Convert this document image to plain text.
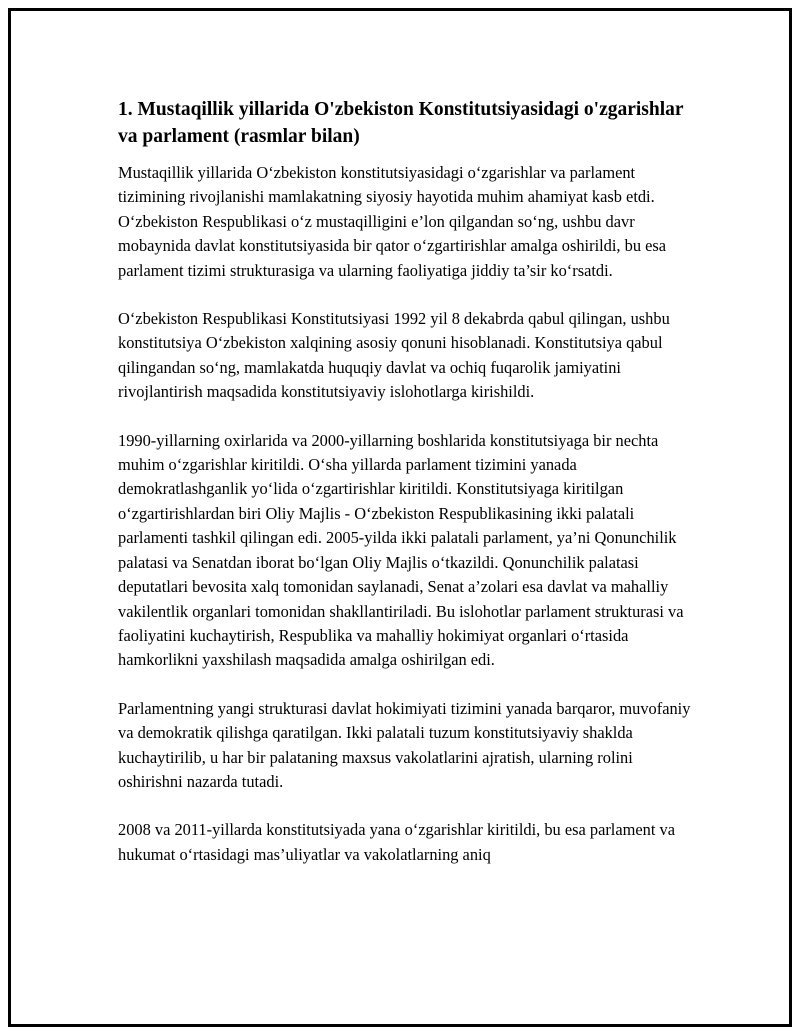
1. Mustaqillik yillarida O'zbekiston Konstitutsiyasidagi o'zgarishlar va parlament (rasmlar bilan)

Mustaqillik yillarida O‘zbekiston konstitutsiyasidagi o‘zgarishlar va parlament tizimining rivojlanishi mamlakatning siyosiy hayotida muhim ahamiyat kasb etdi. O‘zbekiston Respublikasi o‘z mustaqilligini e’lon qilgandan so‘ng, ushbu davr mobaynida davlat konstitutsiyasida bir qator o‘zgartirishlar amalga oshirildi, bu esa parlament tizimi strukturasiga va ularning faoliyatiga jiddiy ta’sir ko‘rsatdi.

O‘zbekiston Respublikasi Konstitutsiyasi 1992 yil 8 dekabrda qabul qilingan, ushbu konstitutsiya O‘zbekiston xalqining asosiy qonuni hisoblanadi. Konstitutsiya qabul qilingandan so‘ng, mamlakatda huquqiy davlat va ochiq fuqarolik jamiyatini rivojlantirish maqsadida konstitutsiyaviy islohotlarga kirishildi.

1990-yillarning oxirlarida va 2000-yillarning boshlarida konstitutsiyaga bir nechta muhim o‘zgarishlar kiritildi. O‘sha yillarda parlament tizimini yanada demokratlashganlik yo‘lida o‘zgartirishlar kiritildi. Konstitutsiyaga kiritilgan o‘zgartirishlardan biri Oliy Majlis - O‘zbekiston Respublikasining ikki palatali parlamenti tashkil qilingan edi. 2005-yilda ikki palatali parlament, ya’ni Qonunchilik palatasi va Senatdan iborat bo‘lgan Oliy Majlis o‘tkazildi. Qonunchilik palatasi deputatlari bevosita xalq tomonidan saylanadi, Senat a’zolari esa davlat va mahalliy vakilentlik organlari tomonidan shakllantiriladi. Bu islohotlar parlament strukturasi va faoliyatini kuchaytirish, Respublika va mahalliy hokimiyat organlari o‘rtasida hamkorlikni yaxshilash maqsadida amalga oshirilgan edi.

Parlamentning yangi strukturasi davlat hokimiyati tizimini yanada barqaror, muvofaniy va demokratik qilishga qaratilgan. Ikki palatali tuzum konstitutsiyaviy shaklda kuchaytirilib, u har bir palataning maxsus vakolatlarini ajratish, ularning rolini oshirishni nazarda tutadi.

2008 va 2011-yillarda konstitutsiyada yana o‘zgarishlar kiritildi, bu esa parlament va hukumat o‘rtasidagi mas’uliyatlar va vakolatlarning aniq
